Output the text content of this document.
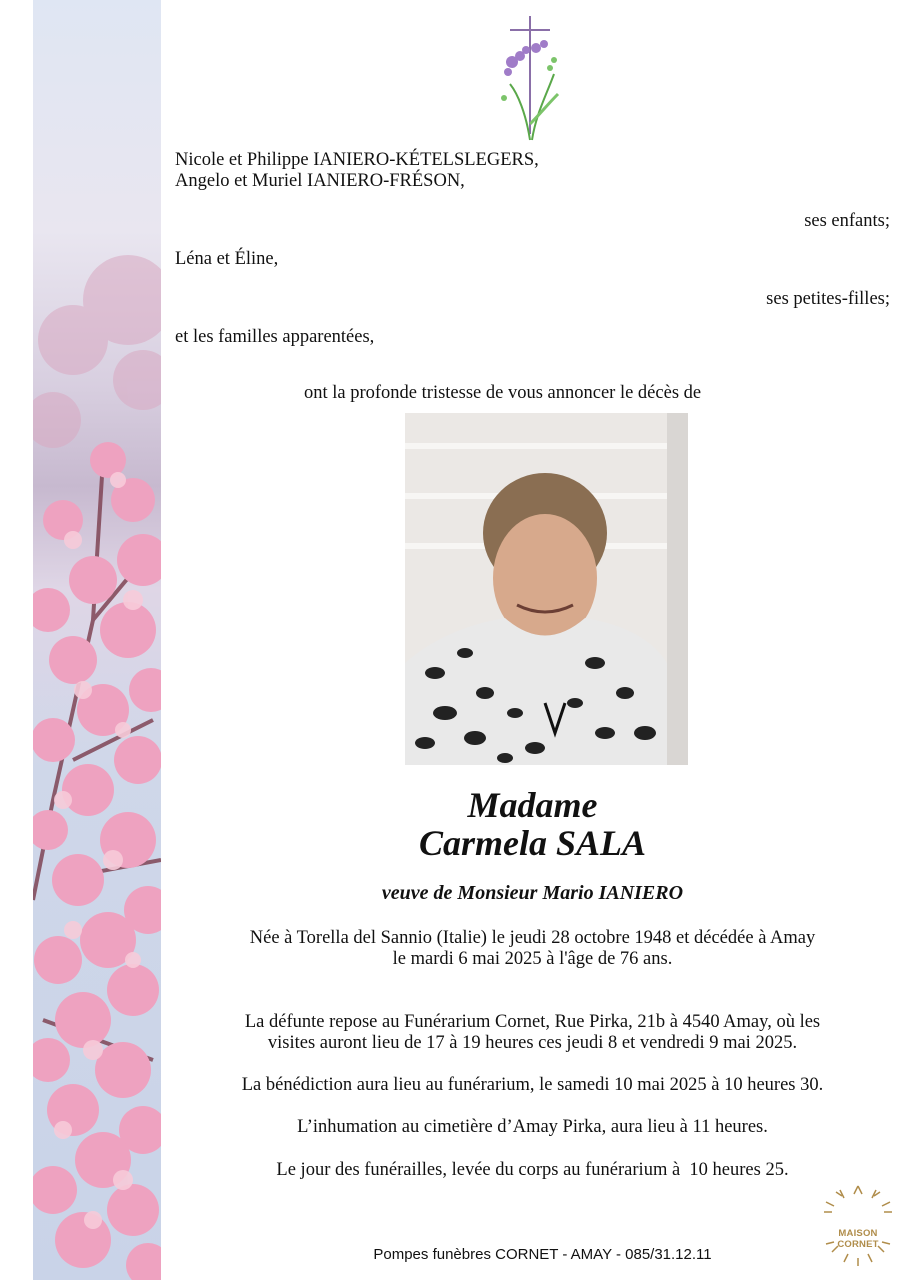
Nicole et Philippe IANIERO-KÉTELSLEGERS,
Angelo et Muriel IANIERO-FRÉSON,
ses enfants;
Léna et Éline,
ses petites-filles;
et les familles apparentées,
ont la profonde tristesse de vous annoncer le décès de
Madame
Carmela SALA
veuve de Monsieur Mario IANIERO
Née à Torella del Sannio (Italie) le jeudi 28 octobre 1948 et décédée à Amay
le mardi 6 mai 2025 à l'âge de 76 ans.
La défunte repose au Funérarium Cornet, Rue Pirka, 21b à 4540 Amay, où les
visites auront lieu de 17 à 19 heures ces jeudi 8 et vendredi 9 mai 2025.
La bénédiction aura lieu au funérarium, le samedi 10 mai 2025 à 10 heures 30.
L’inhumation au cimetière d’Amay Pirka, aura lieu à 11 heures.
Le jour des funérailles, levée du corps au funérarium à  10 heures 25.
Pompes funèbres CORNET - AMAY - 085/31.12.11
MAISON CORNET
